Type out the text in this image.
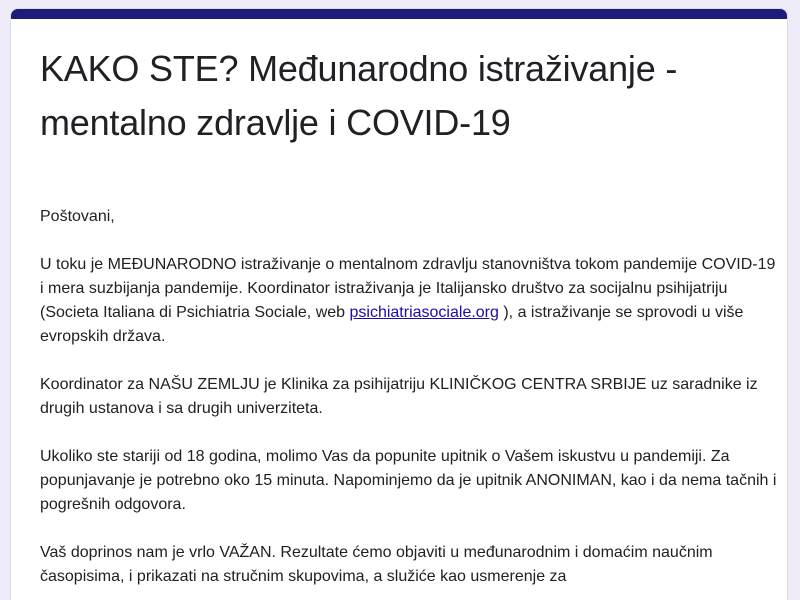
KAKO STE? Međunarodno istraživanje - mentalno zdravlje i COVID-19

Poštovani,

U toku je MEĐUNARODNO istraživanje o mentalnom zdravlju stanovništva tokom pandemije COVID-19 i mera suzbijanja pandemije. Koordinator istraživanja je Italijansko društvo za socijalnu psihijatriju (Societa Italiana di Psichiatria Sociale, web psichiatriasociale.org ), a istraživanje se sprovodi u više evropskih država.

Koordinator za NAŠU ZEMLJU je Klinika za psihijatriju KLINIČKOG CENTRA SRBIJE uz saradnike iz drugih ustanova i sa drugih univerziteta.

Ukoliko ste stariji od 18 godina, molimo Vas da popunite upitnik o Vašem iskustvu u pandemiji. Za popunjavanje je potrebno oko 15 minuta. Napominjemo da je upitnik ANONIMAN, kao i da nema tačnih i pogrešnih odgovora.

Vaš doprinos nam je vrlo VAŽAN. Rezultate ćemo objaviti u međunarodnim i domaćim naučnim časopisima, i prikazati na stručnim skupovima, a služiće kao usmerenje za
